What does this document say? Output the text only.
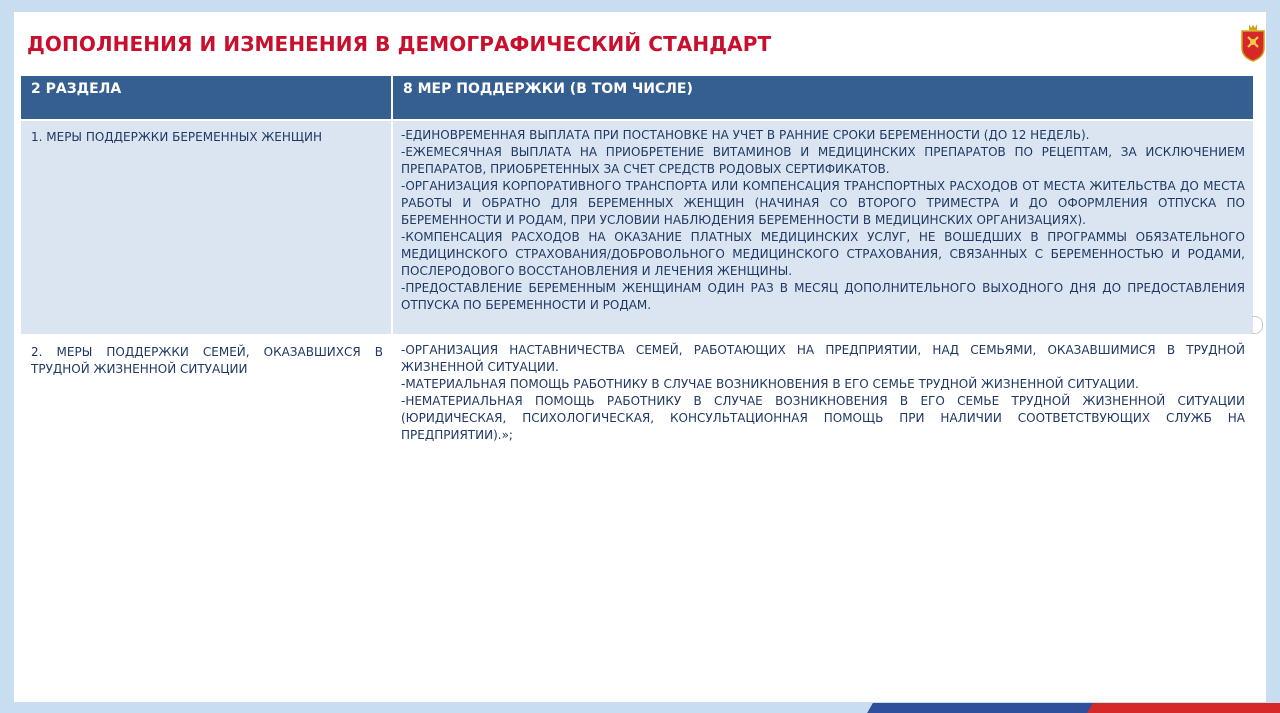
ДОПОЛНЕНИЯ И ИЗМЕНЕНИЯ В ДЕМОГРАФИЧЕСКИЙ СТАНДАРТ
2 РАЗДЕЛА	8 МЕР ПОДДЕРЖКИ (В ТОМ ЧИСЛЕ)
1. МЕРЫ ПОДДЕРЖКИ БЕРЕМЕННЫХ ЖЕНЩИН	-ЕДИНОВРЕМЕННАЯ ВЫПЛАТА ПРИ ПОСТАНОВКЕ НА УЧЕТ В РАННИЕ СРОКИ БЕРЕМЕННОСТИ (ДО 12 НЕДЕЛЬ).

-ЕЖЕМЕСЯЧНАЯ ВЫПЛАТА НА ПРИОБРЕТЕНИЕ ВИТАМИНОВ И МЕДИЦИНСКИХ ПРЕПАРАТОВ ПО РЕЦЕПТАМ, ЗА ИСКЛЮЧЕНИЕМ ПРЕПАРАТОВ, ПРИОБРЕТЕННЫХ ЗА СЧЕТ СРЕДСТВ РОДОВЫХ СЕРТИФИКАТОВ.

-ОРГАНИЗАЦИЯ КОРПОРАТИВНОГО ТРАНСПОРТА ИЛИ КОМПЕНСАЦИЯ ТРАНСПОРТНЫХ РАСХОДОВ ОТ МЕСТА ЖИТЕЛЬСТВА ДО МЕСТА РАБОТЫ И ОБРАТНО ДЛЯ БЕРЕМЕННЫХ ЖЕНЩИН (НАЧИНАЯ СО ВТОРОГО ТРИМЕСТРА И ДО ОФОРМЛЕНИЯ ОТПУСКА ПО БЕРЕМЕННОСТИ И РОДАМ, ПРИ УСЛОВИИ НАБЛЮДЕНИЯ БЕРЕМЕННОСТИ В МЕДИЦИНСКИХ ОРГАНИЗАЦИЯХ).

-КОМПЕНСАЦИЯ РАСХОДОВ НА ОКАЗАНИЕ ПЛАТНЫХ МЕДИЦИНСКИХ УСЛУГ, НЕ ВОШЕДШИХ В ПРОГРАММЫ ОБЯЗАТЕЛЬНОГО МЕДИЦИНСКОГО СТРАХОВАНИЯ/ДОБРОВОЛЬНОГО МЕДИЦИНСКОГО СТРАХОВАНИЯ, СВЯЗАННЫХ С БЕРЕМЕННОСТЬЮ И РОДАМИ, ПОСЛЕРОДОВОГО ВОССТАНОВЛЕНИЯ И ЛЕЧЕНИЯ ЖЕНЩИНЫ.

-ПРЕДОСТАВЛЕНИЕ БЕРЕМЕННЫМ ЖЕНЩИНАМ ОДИН РАЗ В МЕСЯЦ ДОПОЛНИТЕЛЬНОГО ВЫХОДНОГО ДНЯ ДО ПРЕДОСТАВЛЕНИЯ ОТПУСКА ПО БЕРЕМЕННОСТИ И РОДАМ.

2. МЕРЫ ПОДДЕРЖКИ СЕМЕЙ, ОКАЗАВШИХСЯ В ТРУДНОЙ ЖИЗНЕННОЙ СИТУАЦИИ	-ОРГАНИЗАЦИЯ НАСТАВНИЧЕСТВА СЕМЕЙ, РАБОТАЮЩИХ НА ПРЕДПРИЯТИИ, НАД СЕМЬЯМИ, ОКАЗАВШИМИСЯ В ТРУДНОЙ ЖИЗНЕННОЙ СИТУАЦИИ.

-МАТЕРИАЛЬНАЯ ПОМОЩЬ РАБОТНИКУ В СЛУЧАЕ ВОЗНИКНОВЕНИЯ В ЕГО СЕМЬЕ ТРУДНОЙ ЖИЗНЕННОЙ СИТУАЦИИ.

-НЕМАТЕРИАЛЬНАЯ ПОМОЩЬ РАБОТНИКУ В СЛУЧАЕ ВОЗНИКНОВЕНИЯ В ЕГО СЕМЬЕ ТРУДНОЙ ЖИЗНЕННОЙ СИТУАЦИИ (ЮРИДИЧЕСКАЯ, ПСИХОЛОГИЧЕСКАЯ, КОНСУЛЬТАЦИОННАЯ ПОМОЩЬ ПРИ НАЛИЧИИ СООТВЕТСТВУЮЩИХ СЛУЖБ НА ПРЕДПРИЯТИИ).»;
